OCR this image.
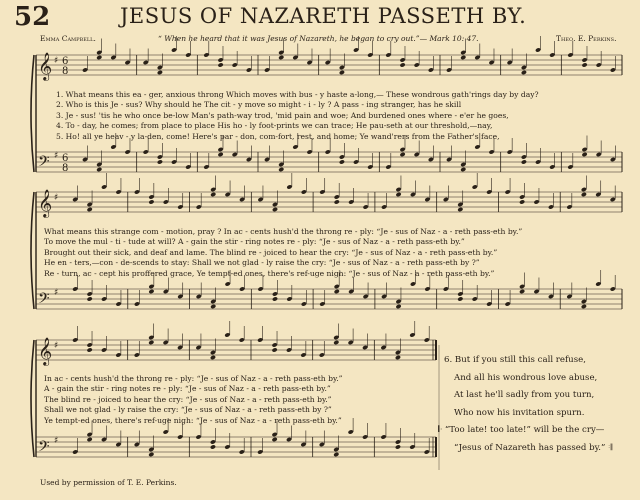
52	JESUS OF NAZARETH PASSETH BY.
Emma Campbell.	“ When he heard that it was Jesus of Nazareth, he began to cry out.”— Mark 10: 47.	Theo. E. Perkins.
𝄞
𝄢
♯
♯
6
8
6
8
𝄞
𝄢
♯
♯
𝄞
𝄢
♯
♯
1. What means this ea - ger, anxious throng Which moves with bus - y haste a-long,— These wondrous gath'rings day by day?
2. Who is this Je - sus? Why should he The cit - y move so might - i - ly ? A pass - ing stranger, has he skill
3. Je - sus! 'tis he who once be-low Man's path-way trod, 'mid pain and woe; And burdened ones where - e'er he goes,
4. To - day, he comes; from place to place His ho - ly foot-prints we can trace; He pau-seth at our threshold,—nay,
5. Ho! all ye heav - y la-den, come! Here's par - don, com-fort, rest, and home; Ye wand'rers from the Father's face,
What means this strange com - motion, pray ? In ac - cents hush'd the throng re - ply: “Je - sus of Naz - a - reth pass-eth by.”
To move the mul - ti - tude at will? A - gain the stir - ring notes re - ply: “Je - sus of Naz - a - reth pass-eth by.”
Brought out their sick, and deaf and lame. The blind re - joiced to hear the cry: “Je - sus of Naz - a - reth pass-eth by.”
He en - ters,—con - de-scends to stay: Shall we not glad - ly raise the cry: “Je - sus of Naz - a - reth pass-eth by ?”
Re - turn, ac - cept his proffered grace, Ye tempt-ed ones, there's ref-uge nigh: “Je - sus of Naz - a - reth pass-eth by.”
In ac - cents hush'd the throng re - ply: “Je - sus of Naz - a - reth pass-eth by.”
A - gain the stir - ring notes re - ply: “Je - sus of Naz - a - reth pass-eth by.”
The blind re - joiced to hear the cry: “Je - sus of Naz - a - reth pass-eth by.”
Shall we not glad - ly raise the cry: “Je - sus of Naz - a - reth pass-eth by ?”
Ye tempt-ed ones, there's ref-uge nigh: “Je - sus of Naz - a - reth pass-eth by.”
6. But if you still this call refuse,
And all his wondrous love abuse,
At last he'll sadly from you turn,
Who now his invitation spurn.
𝄆 “Too late! too late!” will be the cry—
“Jesus of Nazareth has passed by.” 𝄇
Used by permission of T. E. Perkins.
